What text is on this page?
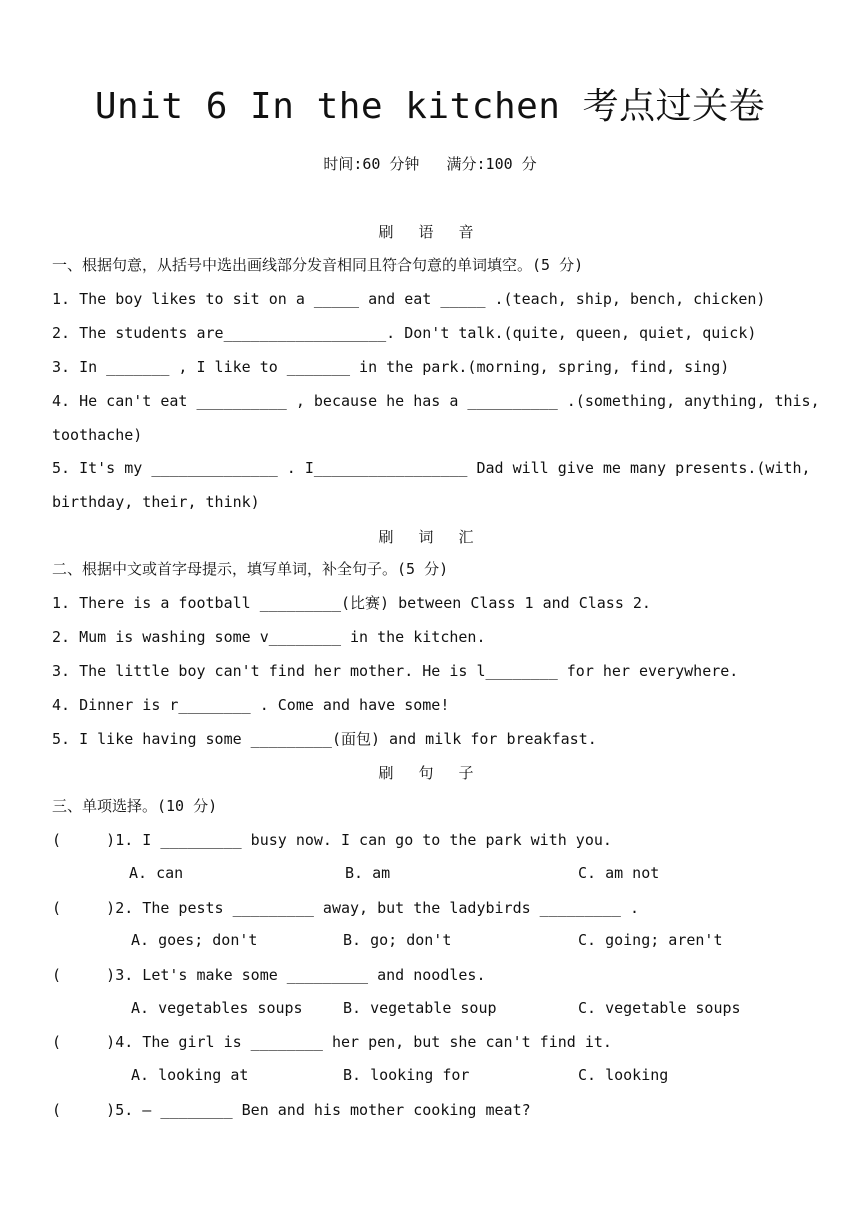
Unit 6 In the kitchen 考点过关卷
时间:60 分钟   满分:100 分
刷 语 音
一、根据句意，从括号中选出画线部分发音相同且符合句意的单词填空。(5 分)
1. The boy likes to sit on a _____ and eat _____ .(teach, ship, bench, chicken)
2. The students are__________________. Don't talk.(quite, queen, quiet, quick)
3. In _______ , I like to _______ in the park.(morning, spring, find, sing)
4. He can't eat __________ , because he has a __________ .(something, anything, this,
toothache)
5. It's my ______________ . I_________________ Dad will give me many presents.(with,
birthday, their, think)
刷 词 汇
二、根据中文或首字母提示，填写单词，补全句子。(5 分)
1. There is a football _________(比赛) between Class 1 and Class 2.
2. Mum is washing some v________ in the kitchen.
3. The little boy can't find her mother. He is l________ for her everywhere.
4. Dinner is r________ . Come and have some!
5. I like having some _________(面包) and milk for breakfast.
刷 句 子
三、单项选择。(10 分)
(     )1. I _________ busy now. I can go to the park with you.
A. can	B. am	C. am not
(     )2. The pests _________ away, but the ladybirds _________ .
A. goes; don't	B. go; don't	C. going; aren't
(     )3. Let's make some _________ and noodles.
A. vegetables soups	B. vegetable soup	C. vegetable soups
(     )4. The girl is ________ her pen, but she can't find it.
A. looking at	B. looking for	C. looking
(     )5. — ________ Ben and his mother cooking meat?
